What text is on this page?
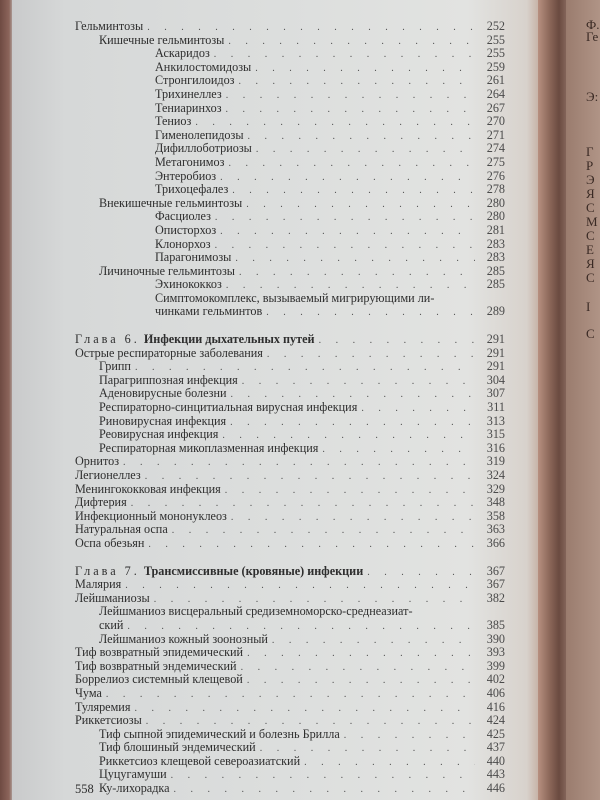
Ф.
Ге
Э:
Г
Р
Э
Я
С
М
С
Е
Я
С
I
С
Гельминтозы . . .	252
Кишечные гельминтозы . . .	255
Аскаридоз . . .	255
Анкилостомидозы . . .	259
Стронгилоидоз . . .	261
Трихинеллез . . .	264
Тениаринхоз . . .	267
Тениоз . . .	270
Гименолепидозы . . .	271
Дифиллоботриозы . . .	274
Метагонимоз . . .	275
Энтеробиоз . . .	276
Трихоцефалез . . .	278
Внекишечные гельминтозы . . .	280
Фасциолез . . .	280
Описторхоз . . .	281
Клонорхоз . . .	283
Парагонимозы . . .	283
Личиночные гельминтозы . . .	285
Эхинококкоз . . .	285
Симптомокомплекс, вызываемый мигрирующими ли-
чинками гельминтов . . .	289
Глава 6. Инфекции дыхательных путей . . .	291
Острые респираторные заболевания . . .	291
Грипп . . .	291
Парагриппозная инфекция . . .	304
Аденовирусные болезни . . .	307
Респираторно-синцитиальная вирусная инфекция . . .	311
Риновирусная инфекция . . .	313
Реовирусная инфекция . . .	315
Респираторная микоплазменная инфекция . . .	316
Орнитоз . . .	319
Легионеллез . . .	324
Менингококковая инфекция . . .	329
Дифтерия . . .	348
Инфекционный мононуклеоз . . .	358
Натуральная оспа . . .	363
Оспа обезьян . . .	366
Глава 7. Трансмиссивные (кровяные) инфекции . . .	367
Малярия . . .	367
Лейшманиозы . . .	382
Лейшманиоз висцеральный средиземноморско-среднеазиат-
ский . . .	385
Лейшманиоз кожный зоонозный . . .	390
Тиф возвратный эпидемический . . .	393
Тиф возвратный эндемический . . .	399
Боррелиоз системный клещевой . . .	402
Чума . . .	406
Туляремия . . .	416
Риккетсиозы . . .	424
Тиф сыпной эпидемический и болезнь Брилла . . .	425
Тиф блошиный эндемический . . .	437
Риккетсиоз клещевой североазиатский . . .	440
Цуцугамуши . . .	443
Ку-лихорадка . . .	446
558
